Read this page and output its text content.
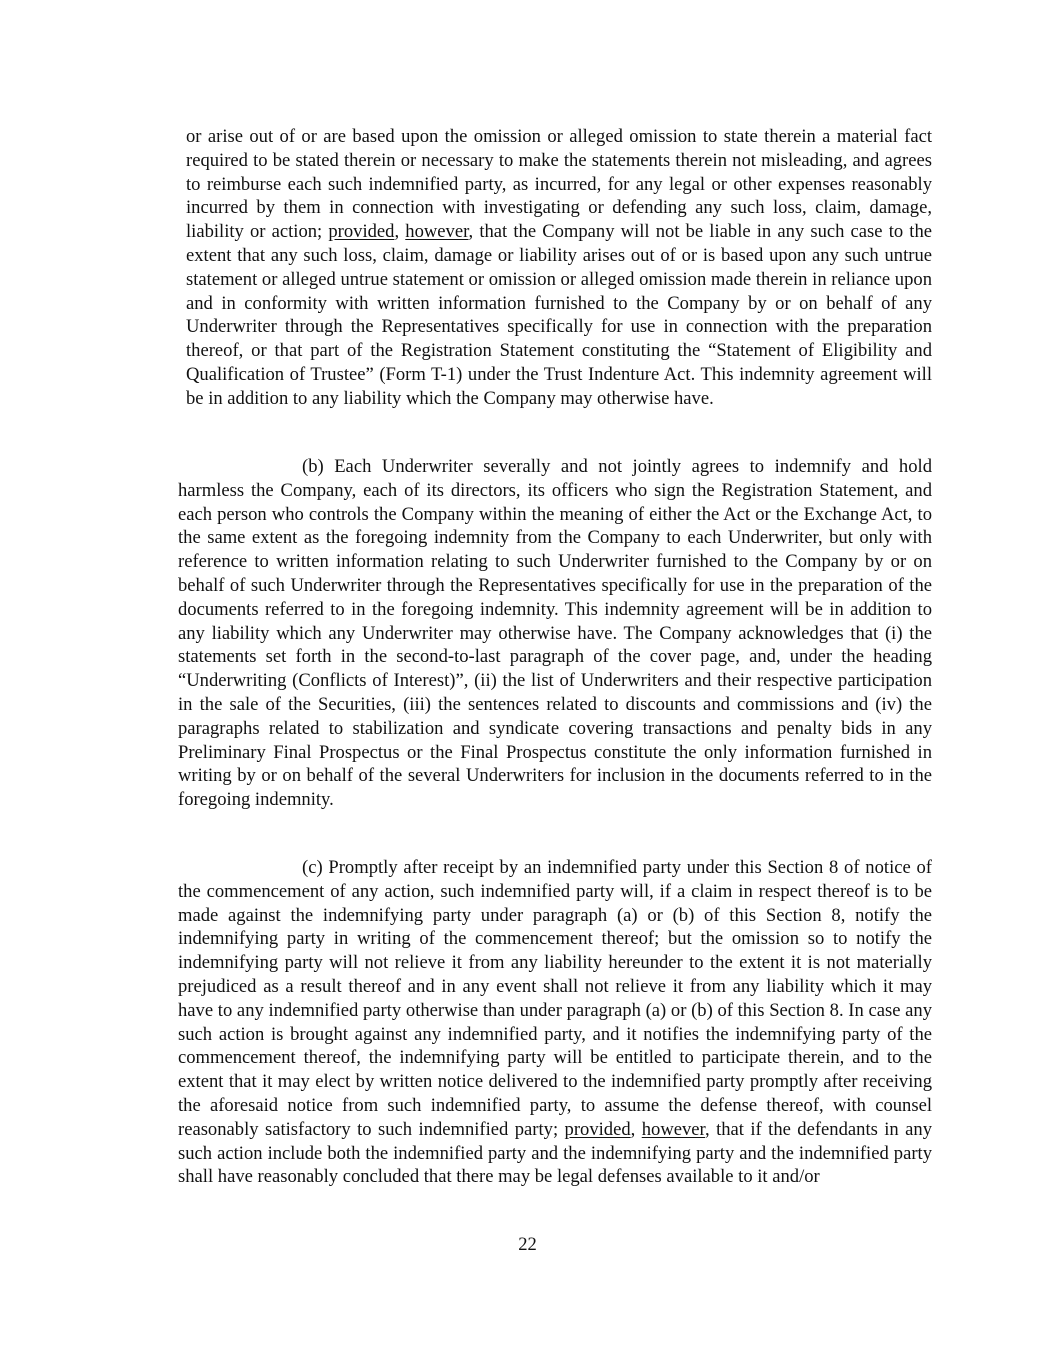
or arise out of or are based upon the omission or alleged omission to state therein a material fact required to be stated therein or necessary to make the statements therein not misleading, and agrees to reimburse each such indemnified party, as incurred, for any legal or other expenses reasonably incurred by them in connection with investigating or defending any such loss, claim, damage, liability or action; provided, however, that the Company will not be liable in any such case to the extent that any such loss, claim, damage or liability arises out of or is based upon any such untrue statement or alleged untrue statement or omission or alleged omission made therein in reliance upon and in conformity with written information furnished to the Company by or on behalf of any Underwriter through the Representatives specifically for use in connection with the preparation thereof, or that part of the Registration Statement constituting the “Statement of Eligibility and Qualification of Trustee” (Form T-1) under the Trust Indenture Act. This indemnity agreement will be in addition to any liability which the Company may otherwise have.

(b) Each Underwriter severally and not jointly agrees to indemnify and hold harmless the Company, each of its directors, its officers who sign the Registration Statement, and each person who controls the Company within the meaning of either the Act or the Exchange Act, to the same extent as the foregoing indemnity from the Company to each Underwriter, but only with reference to written information relating to such Underwriter furnished to the Company by or on behalf of such Underwriter through the Representatives specifically for use in the preparation of the documents referred to in the foregoing indemnity. This indemnity agreement will be in addition to any liability which any Underwriter may otherwise have. The Company acknowledges that (i) the statements set forth in the second-to-last paragraph of the cover page, and, under the heading “Underwriting (Conflicts of Interest)”, (ii) the list of Underwriters and their respective participation in the sale of the Securities, (iii) the sentences related to discounts and commissions and (iv) the paragraphs related to stabilization and syndicate covering transactions and penalty bids in any Preliminary Final Prospectus or the Final Prospectus constitute the only information furnished in writing by or on behalf of the several Underwriters for inclusion in the documents referred to in the foregoing indemnity.

(c) Promptly after receipt by an indemnified party under this Section 8 of notice of the commencement of any action, such indemnified party will, if a claim in respect thereof is to be made against the indemnifying party under paragraph (a) or (b) of this Section 8, notify the indemnifying party in writing of the commencement thereof; but the omission so to notify the indemnifying party will not relieve it from any liability hereunder to the extent it is not materially prejudiced as a result thereof and in any event shall not relieve it from any liability which it may have to any indemnified party otherwise than under paragraph (a) or (b) of this Section 8. In case any such action is brought against any indemnified party, and it notifies the indemnifying party of the commencement thereof, the indemnifying party will be entitled to participate therein, and to the extent that it may elect by written notice delivered to the indemnified party promptly after receiving the aforesaid notice from such indemnified party, to assume the defense thereof, with counsel reasonably satisfactory to such indemnified party; provided, however, that if the defendants in any such action include both the indemnified party and the indemnifying party and the indemnified party shall have reasonably concluded that there may be legal defenses available to it and/or

22
